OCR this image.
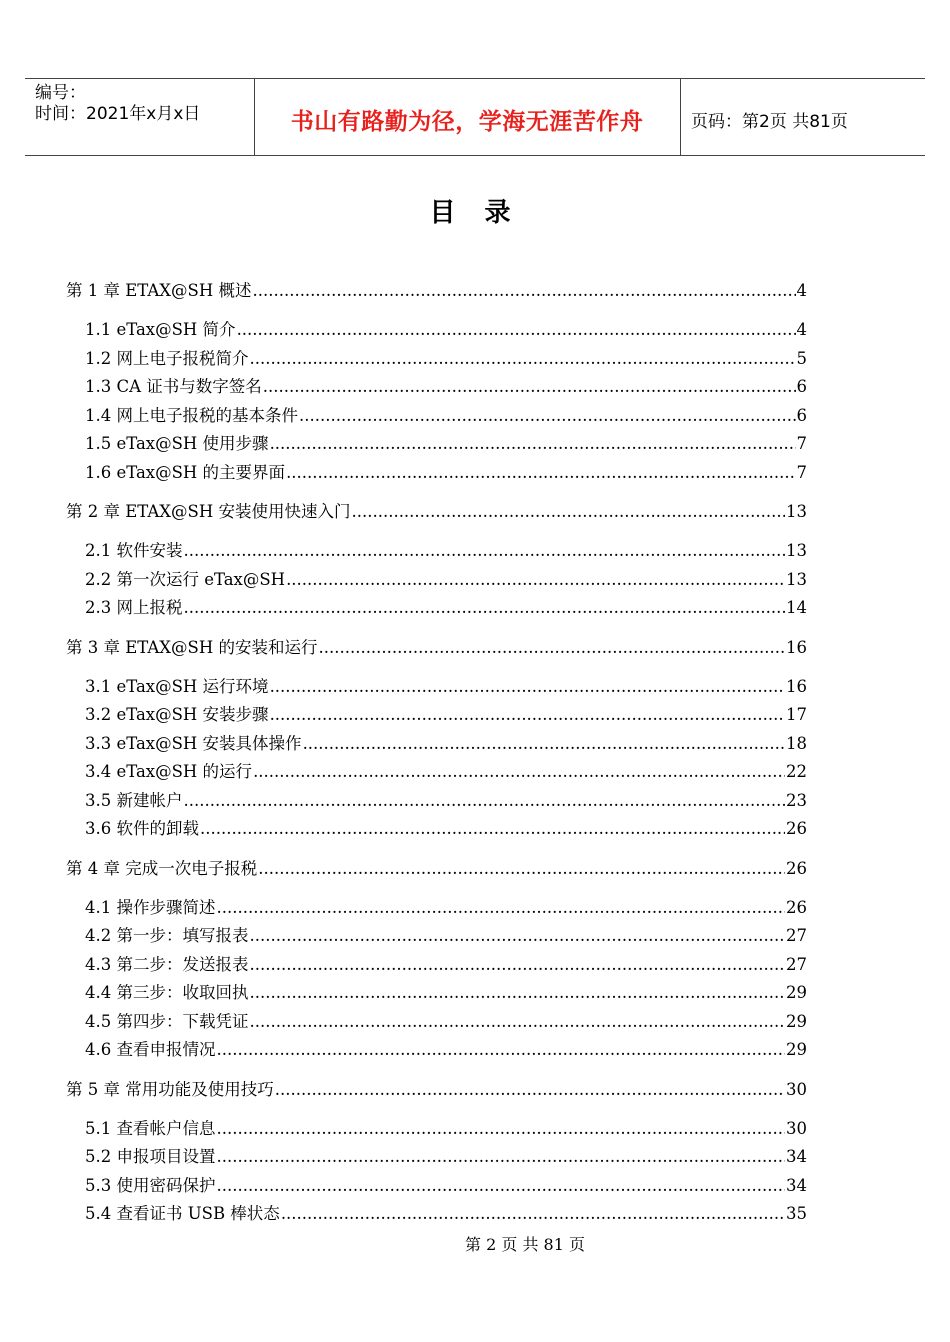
编号：
时间：2021年x月x日	书山有路勤为径，学海无涯苦作舟	页码：第2页 共81页
目 录
第 1 章 ETAX@SH 概述 .....	4
1.1 eTax@SH 简介 .....	4
1.2 网上电子报税简介 .....	5
1.3 CA 证书与数字签名 .....	6
1.4 网上电子报税的基本条件 .....	6
1.5 eTax@SH 使用步骤 .....	7
1.6 eTax@SH 的主要界面 .....	7
第 2 章 ETAX@SH 安装使用快速入门 .....	13
2.1 软件安装 .....	13
2.2 第一次运行 eTax@SH .....	13
2.3 网上报税 .....	14
第 3 章 ETAX@SH 的安装和运行 .....	16
3.1 eTax@SH 运行环境 .....	16
3.2 eTax@SH 安装步骤 .....	17
3.3 eTax@SH 安装具体操作 .....	18
3.4 eTax@SH 的运行 .....	22
3.5 新建帐户 .....	23
3.6 软件的卸载 .....	26
第 4 章 完成一次电子报税 .....	26
4.1 操作步骤简述 .....	26
4.2 第一步：填写报表 .....	27
4.3 第二步：发送报表 .....	27
4.4 第三步：收取回执 .....	29
4.5 第四步：下载凭证 .....	29
4.6 查看申报情况 .....	29
第 5 章 常用功能及使用技巧 .....	30
5.1 查看帐户信息 .....	30
5.2 申报项目设置 .....	34
5.3 使用密码保护 .....	34
5.4 查看证书 USB 棒状态 .....	35
第 2 页 共 81 页
